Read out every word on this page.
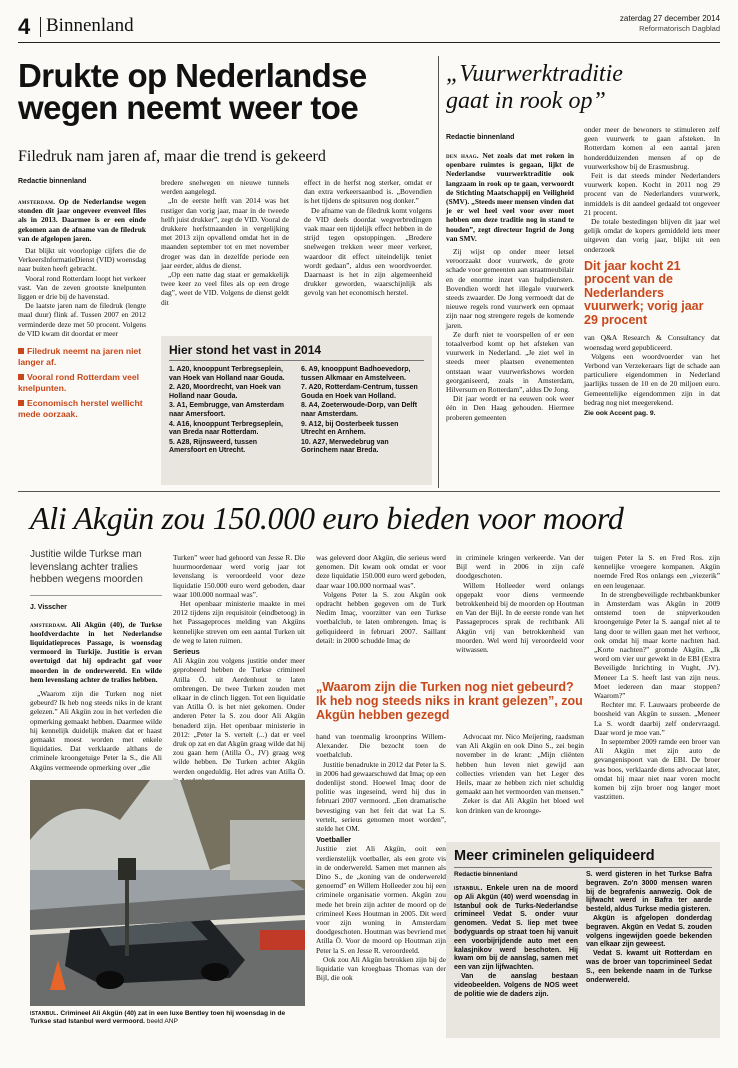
4 Binnenland	zaterdag 27 december 2014
Reformatorisch Dagblad
Drukte op Nederlandse
wegen neemt weer toe
Filedruk nam jaren af, maar die trend is gekeerd
Redactie binnenland

amsterdam. Op de Nederlandse wegen stonden dit jaar ongeveer evenveel files als in 2013. Daarmee is er een einde gekomen aan de afname van de filedruk van de afgelopen jaren.

Dat blijkt uit voorlopige cijfers die de VerkeersInformatieDienst (VID) woensdag naar buiten heeft gebracht.

Vooral rond Rotterdam loopt het verkeer vast. Van de zeven grootste knelpunten liggen er drie bij de havenstad.

De laatste jaren nam de filedruk (lengte maal duur) flink af. Tussen 2007 en 2012 verminderde deze met 50 procent. Volgens de VID kwam dit doordat er meer

Filedruk neemt na jaren niet langer af.
Vooral rond Rotterdam veel knelpunten.
Economisch herstel wellicht mede oorzaak.

bredere snelwegen en nieuwe tunnels werden aangelegd.

„In de eerste helft van 2014 was het rustiger dan vorig jaar, maar in de tweede helft juist drukker”, zegt de VID. Vooral de drukkere herfstmaanden in vergelijking met 2013 zijn opvallend omdat het in de maanden september tot en met november droger was dan in dezelfde periode een jaar eerder, aldus de dienst.

„Op een natte dag staat er gemakkelijk twee keer zo veel files als op een droge dag”, weet de VID. Volgens de dienst geldt dit

effect in de herfst nog sterker, omdat er dan extra verkeersaanbod is. „Bovendien is het tijdens de spitsuren nog donker.”

De afname van de filedruk komt volgens de VID deels doordat wegverbredingen vaak maar een tijdelijk effect hebben in de strijd tegen opstoppingen. „Bredere snelwegen trekken weer meer verkeer, waardoor dit effect uiteindelijk teniet wordt gedaan”, aldus een woordvoerder. Daarnaast is het in zijn algemeenheid drukker geworden, waarschijnlijk als gevolg van het economisch herstel.

Hier stond het vast in 2014
1. A20, knooppunt Terbregseplein, van Hoek van Holland naar Gouda.
2. A20, Moordrecht, van Hoek van Holland naar Gouda.
3. A1, Eembrugge, van Amsterdam naar Amersfoort.
4. A16, knooppunt Terbregseplein, van Breda naar Rotterdam.
5. A28, Rijnsweerd, tussen Amersfoort en Utrecht.
6. A9, knooppunt Badhoevedorp, tussen Alkmaar en Amstelveen.
7. A20, Rotterdam-Centrum, tussen Gouda en Hoek van Holland.
8. A4, Zoeterwoude-Dorp, van Delft naar Amsterdam.
9. A12, bij Oosterbeek tussen Utrecht en Arnhem.
10. A27, Merwedebrug van Gorinchem naar Breda.
„Vuurwerktraditie
gaat in rook op”
Redactie binnenland

den haag. Net zoals dat met roken in openbare ruimtes is gegaan, lijkt de Nederlandse vuurwerktraditie ook langzaam in rook op te gaan, verwoordt de Stichting Maatschappij en Veiligheid (SMV). „Steeds meer mensen vinden dat je er wel heel veel voor over moet hebben om deze traditie nog in stand te houden”, zegt directeur Ingrid de Jong van SMV.

Zij wijst op onder meer letsel veroorzaakt door vuurwerk, de grote schade voor gemeenten aan straatmeubilair en de enorme inzet van hulpdiensten. Bovendien wordt het illegale vuurwerk steeds zwaarder. De Jong vermoedt dat de nieuwe regels rond vuurwerk een opmaat zijn naar nog strengere regels de komende jaren.

Ze durft niet te voorspellen of er een totaalverbod komt op het afsteken van vuurwerk in Nederland. „Je ziet wel in steeds meer plaatsen evenementen ontstaan waar vuurwerkshows worden georganiseerd, zoals in Amsterdam, Hilversum en Rotterdam”, aldus De Jong.

Dit jaar wordt er na eeuwen ook weer één in Den Haag gehouden. Hiermee proberen gemeenten

onder meer de bewoners te stimuleren zelf geen vuurwerk te gaan afsteken. In Rotterdam komen al een aantal jaren honderdduizenden mensen af op de vuurwerkshow bij de Erasmusbrug.

Feit is dat steeds minder Nederlanders vuurwerk kopen. Kocht in 2011 nog 29 procent van de Nederlanders vuurwerk, inmiddels is dit aandeel gedaald tot ongeveer 21 procent.

De totale bestedingen blijven dit jaar wel gelijk omdat de kopers gemiddeld iets meer uitgeven dan vorig jaar, blijkt uit een onderzoek

Dit jaar kocht 21 procent van de Nederlanders vuurwerk; vorig jaar 29 procent

van Q&A Research & Consultancy dat woensdag werd gepubliceerd.

Volgens een woordvoerder van het Verbond van Verzekeraars ligt de schade aan particuliere eigendommen in Nederland jaarlijks tussen de 10 en de 20 miljoen euro. Gemeentelijke eigendommen zijn in dat bedrag nog niet meegerekend.

Zie ook Accent pag. 9.
Ali Akgün zou 150.000 euro bieden voor moord
Justitie wilde Turkse man levenslang achter tralies hebben wegens moorden
J. Visscher

amsterdam. Ali Akgün (40), de Turkse hoofdverdachte in het Nederlandse liquidatieproces Passage, is woensdag vermoord in Turkije. Justitie is ervan overtuigd dat hij opdracht gaf voor moorden in de onderwereld. En wilde hem levenslang achter de tralies hebben.

„Waarom zijn die Turken nog niet gebeurd? Ik heb nog steeds niks in de krant gelezen.” Ali Akgün zou in het verleden die opmerking gemaakt hebben. Daarmee wilde hij kennelijk duidelijk maken dat er haast gemaakt moest worden met enkele liquidaties. Dat verklaarde althans de criminele kroongetuige Peter la S., die Ali Akgüns vermeende opmerking over „die

Turken” weer had gehoord van Jesse R. Die huurmoordenaar werd vorig jaar tot levenslang is veroordeeld voor deze liquidatie 150.000 euro werd geboden, daar waar 100.000 normaal was”.

Het openbaar ministerie maakte in mei 2012 tijdens zijn requisitoir (eindbetoog) in het Passageproces melding van Akgüns kennelijke streven om een aantal Turken uit de weg te laten ruimen.

Serieus

Ali Akgün zou volgens justitie onder meer geprobeerd hebben de Turkse crimineel Atilla Ö. uit Aerdenhout te laten ombrengen. De twee Turken zouden met elkaar in de clinch liggen. Tot een liquidatie van Atilla Ö. is het niet gekomen. Onder anderen Peter la S. zou door Ali Akgün benaderd zijn. Het openbaar ministerie in 2012: „Peter la S. vertelt (...) dat er veel druk op zat en dat Akgün graag wilde dat hij zou gaan hem (Atilla Ö., JV) graag weg wilde hebben. De Turken achter Akgün werden ongeduldig. Het adres van Atilla Ö.

istanbul. Crimineel Ali Akgün (40) zat in een luxe Bentley toen hij woensdag in de Turkse stad Istanbul werd vermoord. beeld ANP

was geleverd door Akgün, die serieus werd genomen. Dit kwam ook omdat er voor deze liquidatie 150.000 euro werd geboden, daar waar 100.000 normaal was”.

Volgens Peter la S. zou Akgün ook opdracht hebben gegeven om de Turk Nedim Imaç, voorzitter van een Turkse voetbalclub, te laten ombrengen. Imaç is geliquideerd in februari 2007. Saillant detail: in 2000 schudde Imaç de

„Waarom zijn die Turken nog niet gebeurd? Ik heb nog steeds niks in krant gelezen”, zou Akgün hebben gezegd

hand van toenmalig kroonprins Willem-Alexander. Die bezocht toen de voetbalclub.

Justitie benadrukte in 2012 dat Peter la S. in 2006 had gewaarschuwd dat Imaç op een dodenlijst stond. Hoewel Imaç door de politie was ingeseind, werd hij dus in februari 2007 vermoord. „Een dramatische bevestiging van het feit dat wat La S. vertelt, serieus genomen moet worden”, stelde het OM.

Voetballer

Justitie ziet Ali Akgün, ooit een verdienstelijk voetballer, als een grote vis in de onderwereld. Samen met mannen als Dino S., de „koning van de onderwereld genoemd” en Willem Holleeder zou hij een criminele organisatie vormen. Akgün zou mede het brein zijn achter de moord op de crimineel Kees Houtman in 2005. Dit werd voor zijn woning in Amsterdam doodgeschoten. Houtman was bevriend met Atilla Ö. Voor de moord op Houtman zijn Peter la S. en Jesse R. veroordeeld.

Ook zou Ali Akgün betrokken zijn bij de liquidatie van kroegbaas Thomas van der Bijl, die ook

in criminele kringen verkeerde. Van der Bijl werd in 2006 in zijn café doodgeschoten.

Willem Holleeder werd onlangs opgepakt voor diens vermeende betrokkenheid bij de moorden op Houtman en Van der Bijl. In de eerste ronde van het Passageproces sprak de rechtbank Ali Akgün vrij van betrokkenheid van moorden. Wel werd hij veroordeeld voor witwassen.

Advocaat mr. Nico Meijering, raadsman van Ali Akgün en ook Dino S., zei begin november in de krant: „Mijn cliënten hebben hun leven niet gewijd aan collecties vrienden van het Leger des Heils, maar ze hebben zich niet schuldig gemaakt aan het vermoorden van mensen.”

Zeker is dat Ali Akgün het bloed wel kon drinken van de kroonge-

tuigen Peter la S. en Fred Ros. zijn kennelijke vroegere kompanen. Akgün noemde Fred Ros onlangs een „viezerik” en een leugenaar.

In de strengbeveiligde rechtbankbunker in Amsterdam was Akgün in 2009 ontstemd toen de snipverkouden kroongetuige Peter la S. aangaf niet al te lang door te willen gaan met het verhoor, ook omdat hij maar korte nachten had. „Korte nachten?” gromde Akgün. „Ik word om vier uur gewekt in de EBI (Extra Beveiligde Inrichting in Vught, JV). Meneer La S. heeft last van zijn neus. Moet iedereen dan maar stoppen? Waarom?”

Rechter mr. F. Lauwaars probeerde de boosheid van Akgün te sussen. „Meneer La S. wordt daarbij zelf ondervraagd. Daar word je moe van.”

In september 2009 ramde een broer van Ali Akgün met zijn auto de gevangenispoort van de EBI. De broer was boos, verklaarde diens advocaat later, omdat hij maar niet naar voren mocht komen bij zijn broer nog langer moet vastzitten.

Meer criminelen geliquideerd
Redactie binnenland

istanbul. Enkele uren na de moord op Ali Akgün (40) werd woensdag in Istanbul ook de Turks-Nederlandse crimineel Vedat S. onder vuur genomen. Vedat S. liep met twee bodyguards op straat toen hij vanuit een voorbijrijdende auto met een kalasjnikov werd beschoten. Hij kwam om bij de aanslag, samen met een van zijn lijfwachten.

Van de aanslag bestaan videobeelden. Volgens de NOS weet de politie wie de daders zijn.

S. werd gisteren in het Turkse Bafra begraven. Zo'n 3000 mensen waren bij de begrafenis aanwezig. Ook de lijfwacht werd in Bafra ter aarde besteld, aldus Turkse media gisteren.

Akgün is afgelopen donderdag begraven. Akgün en Vedat S. zouden volgens ingewijden goede bekenden van elkaar zijn geweest.

Vedat S. kwamt uit Rotterdam en was de broer van topcrimineel Sedat S., een bekende naam in de Turkse onderwereld.
